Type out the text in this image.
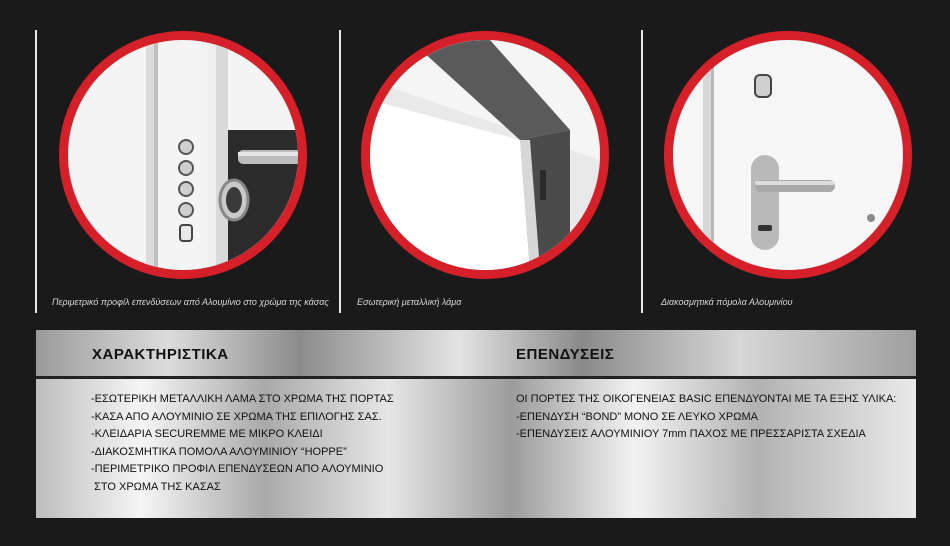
Περιμετρικό προφίλ επενδύσεων από Αλουμίνιο στο χρώμα της κάσας	Εσωτερική μεταλλική λάμα	Διακοσμητικά πόμολα Αλουμινίου
ΧΑΡΑΚΤΗΡΙΣΤΙΚΑ	ΕΠΕΝΔΥΣΕΙΣ
-ΕΣΩΤΕΡΙΚΗ ΜΕΤΑΛΛΙΚΗ ΛΑΜΑ ΣΤΟ ΧΡΩΜΑ ΤΗΣ ΠΟΡΤΑΣ
-ΚΑΣΑ ΑΠΟ ΑΛΟΥΜΙΝΙΟ ΣΕ ΧΡΩΜΑ ΤΗΣ ΕΠΙΛΟΓΗΣ ΣΑΣ.
-ΚΛΕΙΔΑΡΙΑ SECUREMME ΜΕ ΜΙΚΡΟ ΚΛΕΙΔΙ
-ΔΙΑΚΟΣΜΗΤΙΚΑ ΠΟΜΟΛΑ ΑΛΟΥΜΙΝΙΟΥ “HOPPE”
-ΠΕΡΙΜΕΤΡΙΚΟ ΠΡΟΦΙΛ ΕΠΕΝΔΥΣΕΩΝ ΑΠΟ ΑΛΟΥΜΙΝΙΟ
ΣΤΟ ΧΡΩΜΑ ΤΗΣ ΚΑΣΑΣ
ΟΙ ΠΟΡΤΕΣ ΤΗΣ ΟΙΚΟΓΕΝΕΙΑΣ BASIC ΕΠΕΝΔΥΟΝΤΑΙ ΜΕ ΤΑ ΕΞΗΣ ΥΛΙΚΑ:
-ΕΠΕΝΔΥΣΗ “BOND” ΜΟΝΟ ΣΕ ΛΕΥΚΟ ΧΡΩΜΑ
-ΕΠΕΝΔΥΣΕΙΣ ΑΛΟΥΜΙΝΙΟΥ 7mm ΠΑΧΟΣ ΜΕ ΠΡΕΣΣΑΡΙΣΤΑ ΣΧΕΔΙΑ
